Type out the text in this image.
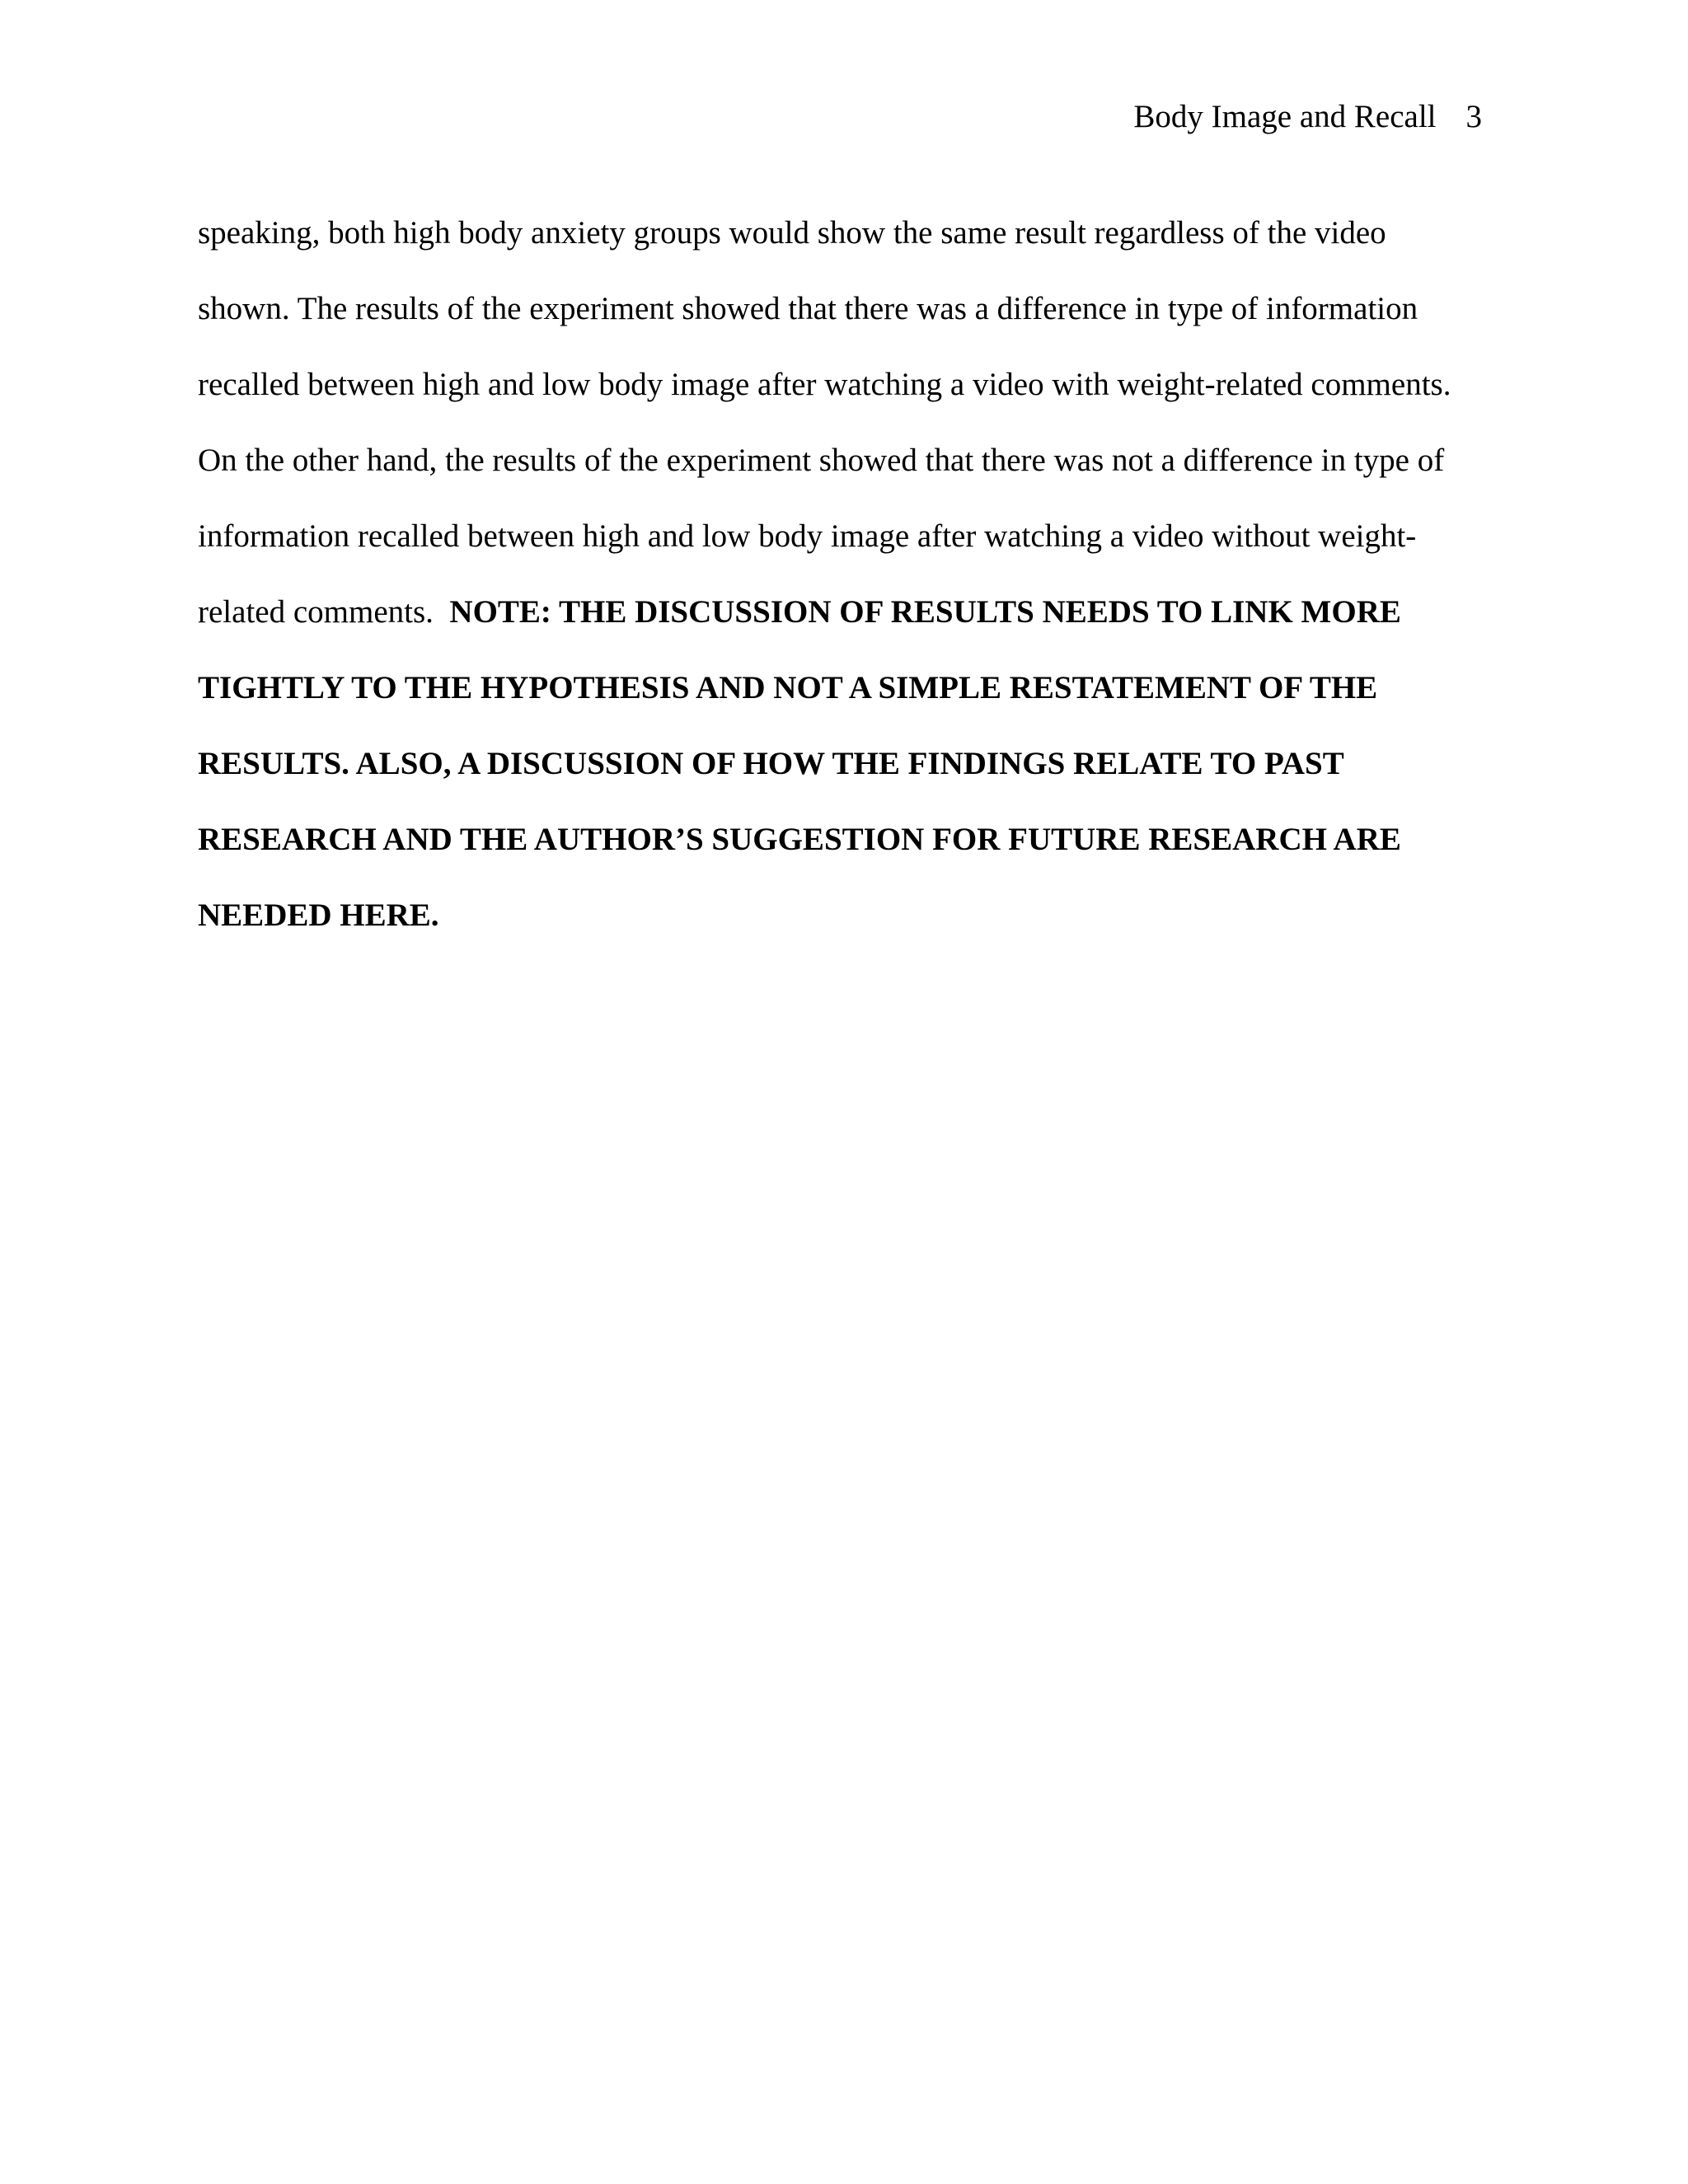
Body Image and Recall 3
speaking, both high body anxiety groups would show the same result regardless of the video
shown. The results of the experiment showed that there was a difference in type of information
recalled between high and low body image after watching a video with weight-related comments.
On the other hand, the results of the experiment showed that there was not a difference in type of
information recalled between high and low body image after watching a video without weight-
related comments. NOTE: THE DISCUSSION OF RESULTS NEEDS TO LINK MORE
TIGHTLY TO THE HYPOTHESIS AND NOT A SIMPLE RESTATEMENT OF THE
RESULTS. ALSO, A DISCUSSION OF HOW THE FINDINGS RELATE TO PAST
RESEARCH AND THE AUTHOR’S SUGGESTION FOR FUTURE RESEARCH ARE
NEEDED HERE.
